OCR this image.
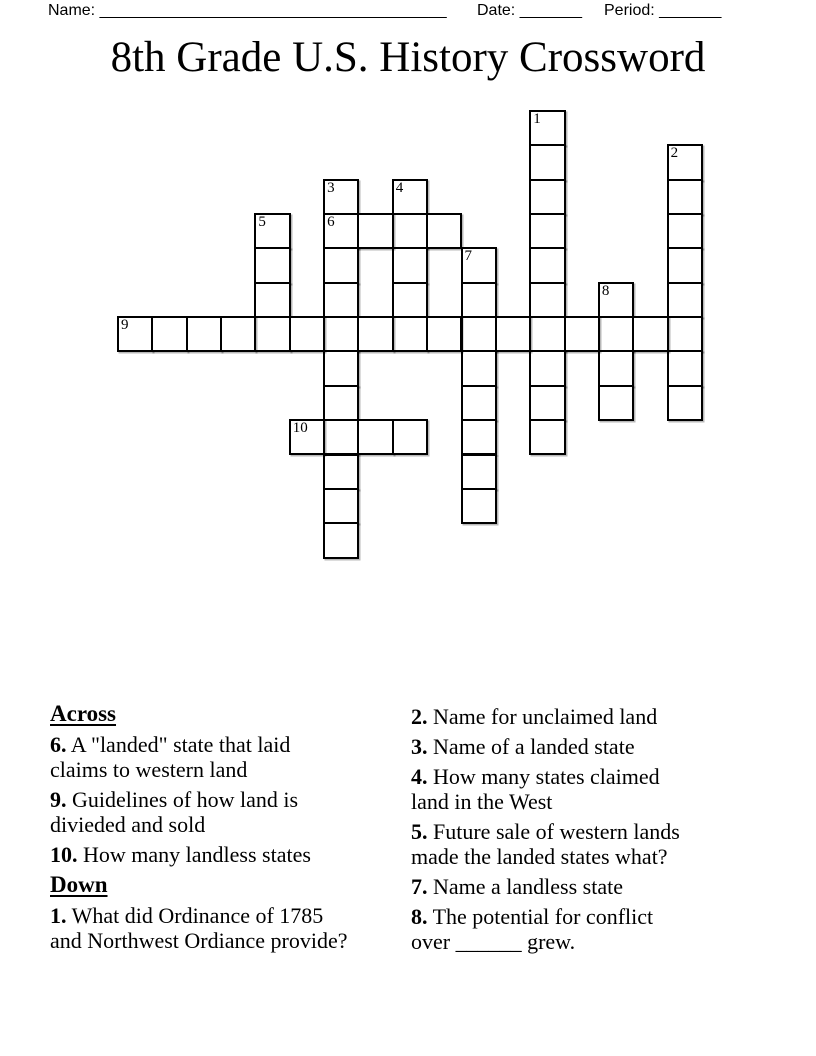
Name: _______________________________________ Date: _______ Period: _______
8th Grade U.S. History Crossword
1
2
3
6
4
5
7
8
9
10
Across
6. A "landed" state that laid
claims to western land
9. Guidelines of how land is
divieded and sold
10. How many landless states
Down
1. What did Ordinance of 1785
and Northwest Ordiance provide?
2. Name for unclaimed land
3. Name of a landed state
4. How many states claimed
land in the West
5. Future sale of western lands
made the landed states what?
7. Name a landless state
8. The potential for conflict
over ______ grew.
